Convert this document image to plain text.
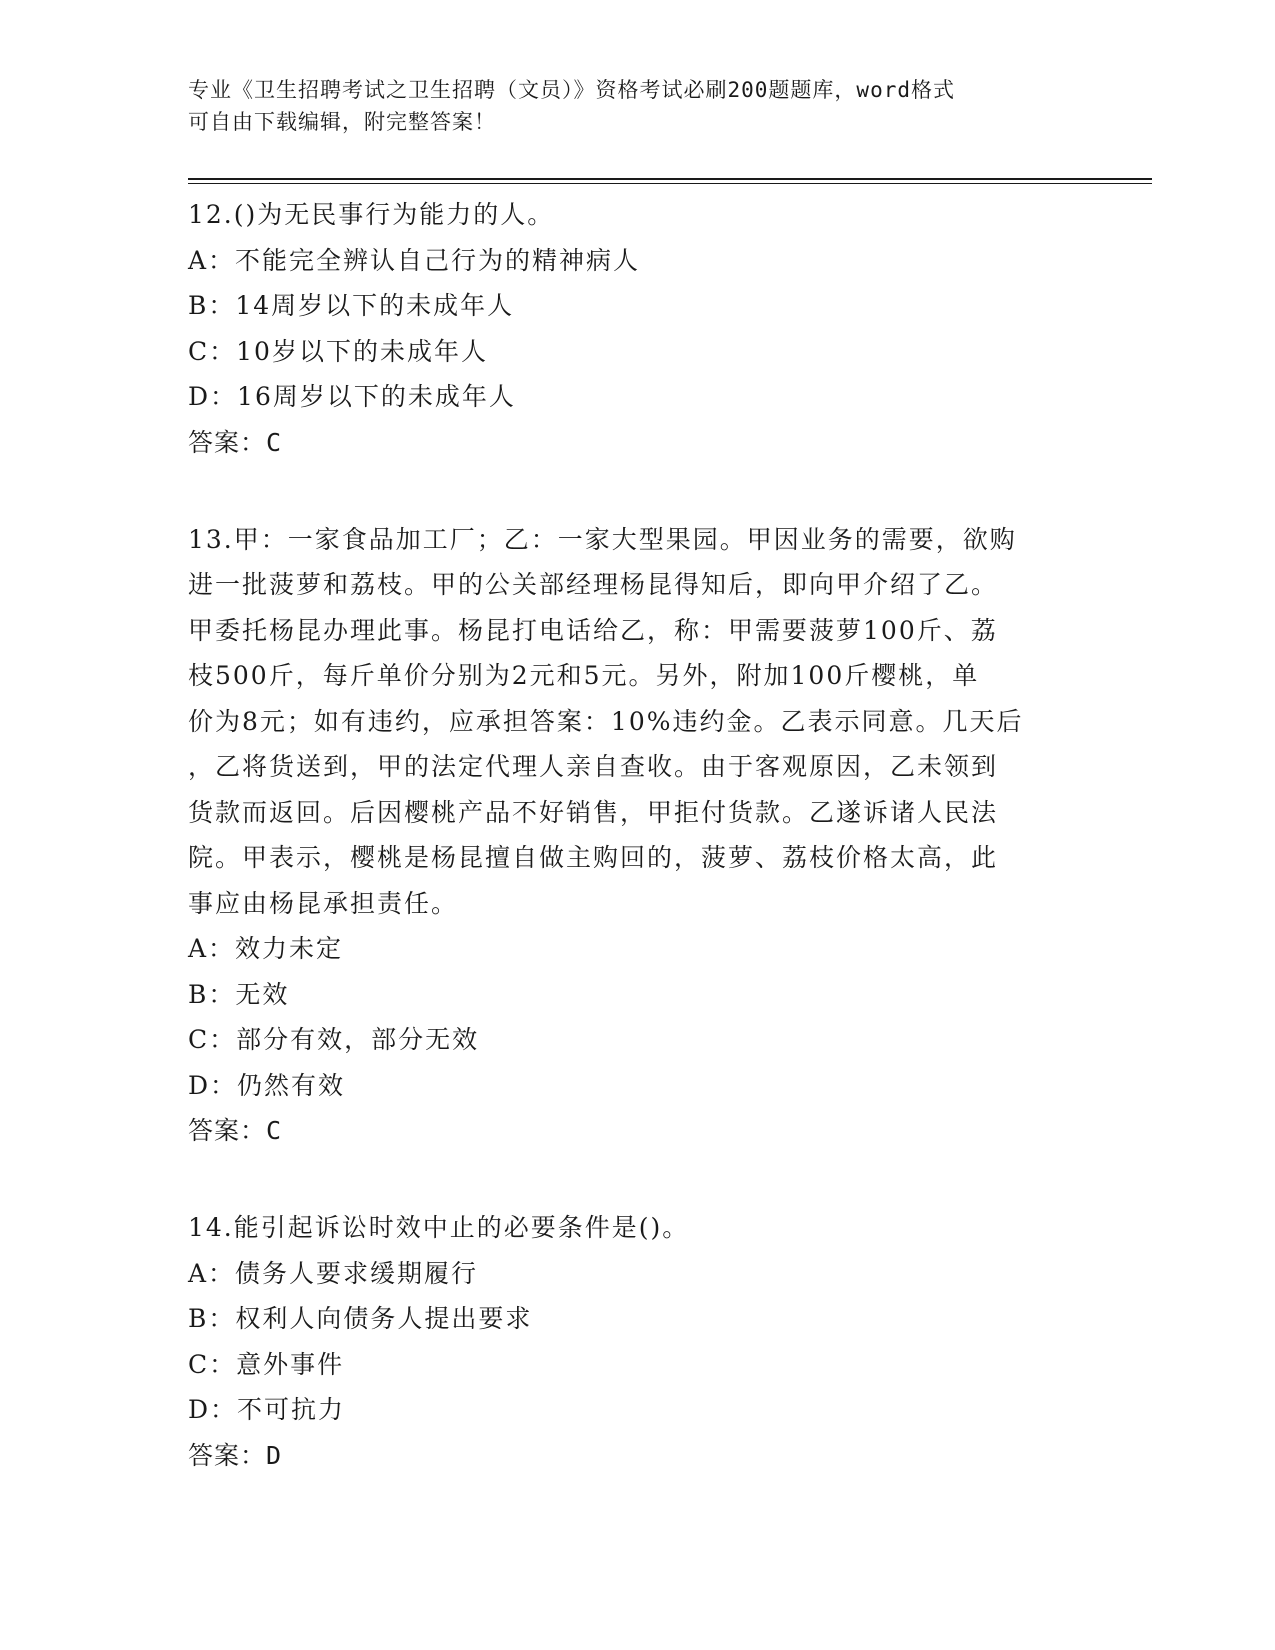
专业《卫生招聘考试之卫生招聘（文员）》资格考试必刷200题题库，word格式
可自由下载编辑，附完整答案！
12.()为无民事行为能力的人。
A：不能完全辨认自己行为的精神病人
B：14周岁以下的未成年人
C：10岁以下的未成年人
D：16周岁以下的未成年人
答案：C
13.甲：一家食品加工厂；乙：一家大型果园。甲因业务的需要，欲购
进一批菠萝和荔枝。甲的公关部经理杨昆得知后，即向甲介绍了乙。
甲委托杨昆办理此事。杨昆打电话给乙，称：甲需要菠萝100斤、荔
枝500斤，每斤单价分别为2元和5元。另外，附加100斤樱桃，单
价为8元；如有违约，应承担答案：10%违约金。乙表示同意。几天后
，乙将货送到，甲的法定代理人亲自查收。由于客观原因，乙未领到
货款而返回。后因樱桃产品不好销售，甲拒付货款。乙遂诉诸人民法
院。甲表示，樱桃是杨昆擅自做主购回的，菠萝、荔枝价格太高，此
事应由杨昆承担责任。
A：效力未定
B：无效
C：部分有效，部分无效
D：仍然有效
答案：C
14.能引起诉讼时效中止的必要条件是()。
A：债务人要求缓期履行
B：权利人向债务人提出要求
C：意外事件
D：不可抗力
答案：D
